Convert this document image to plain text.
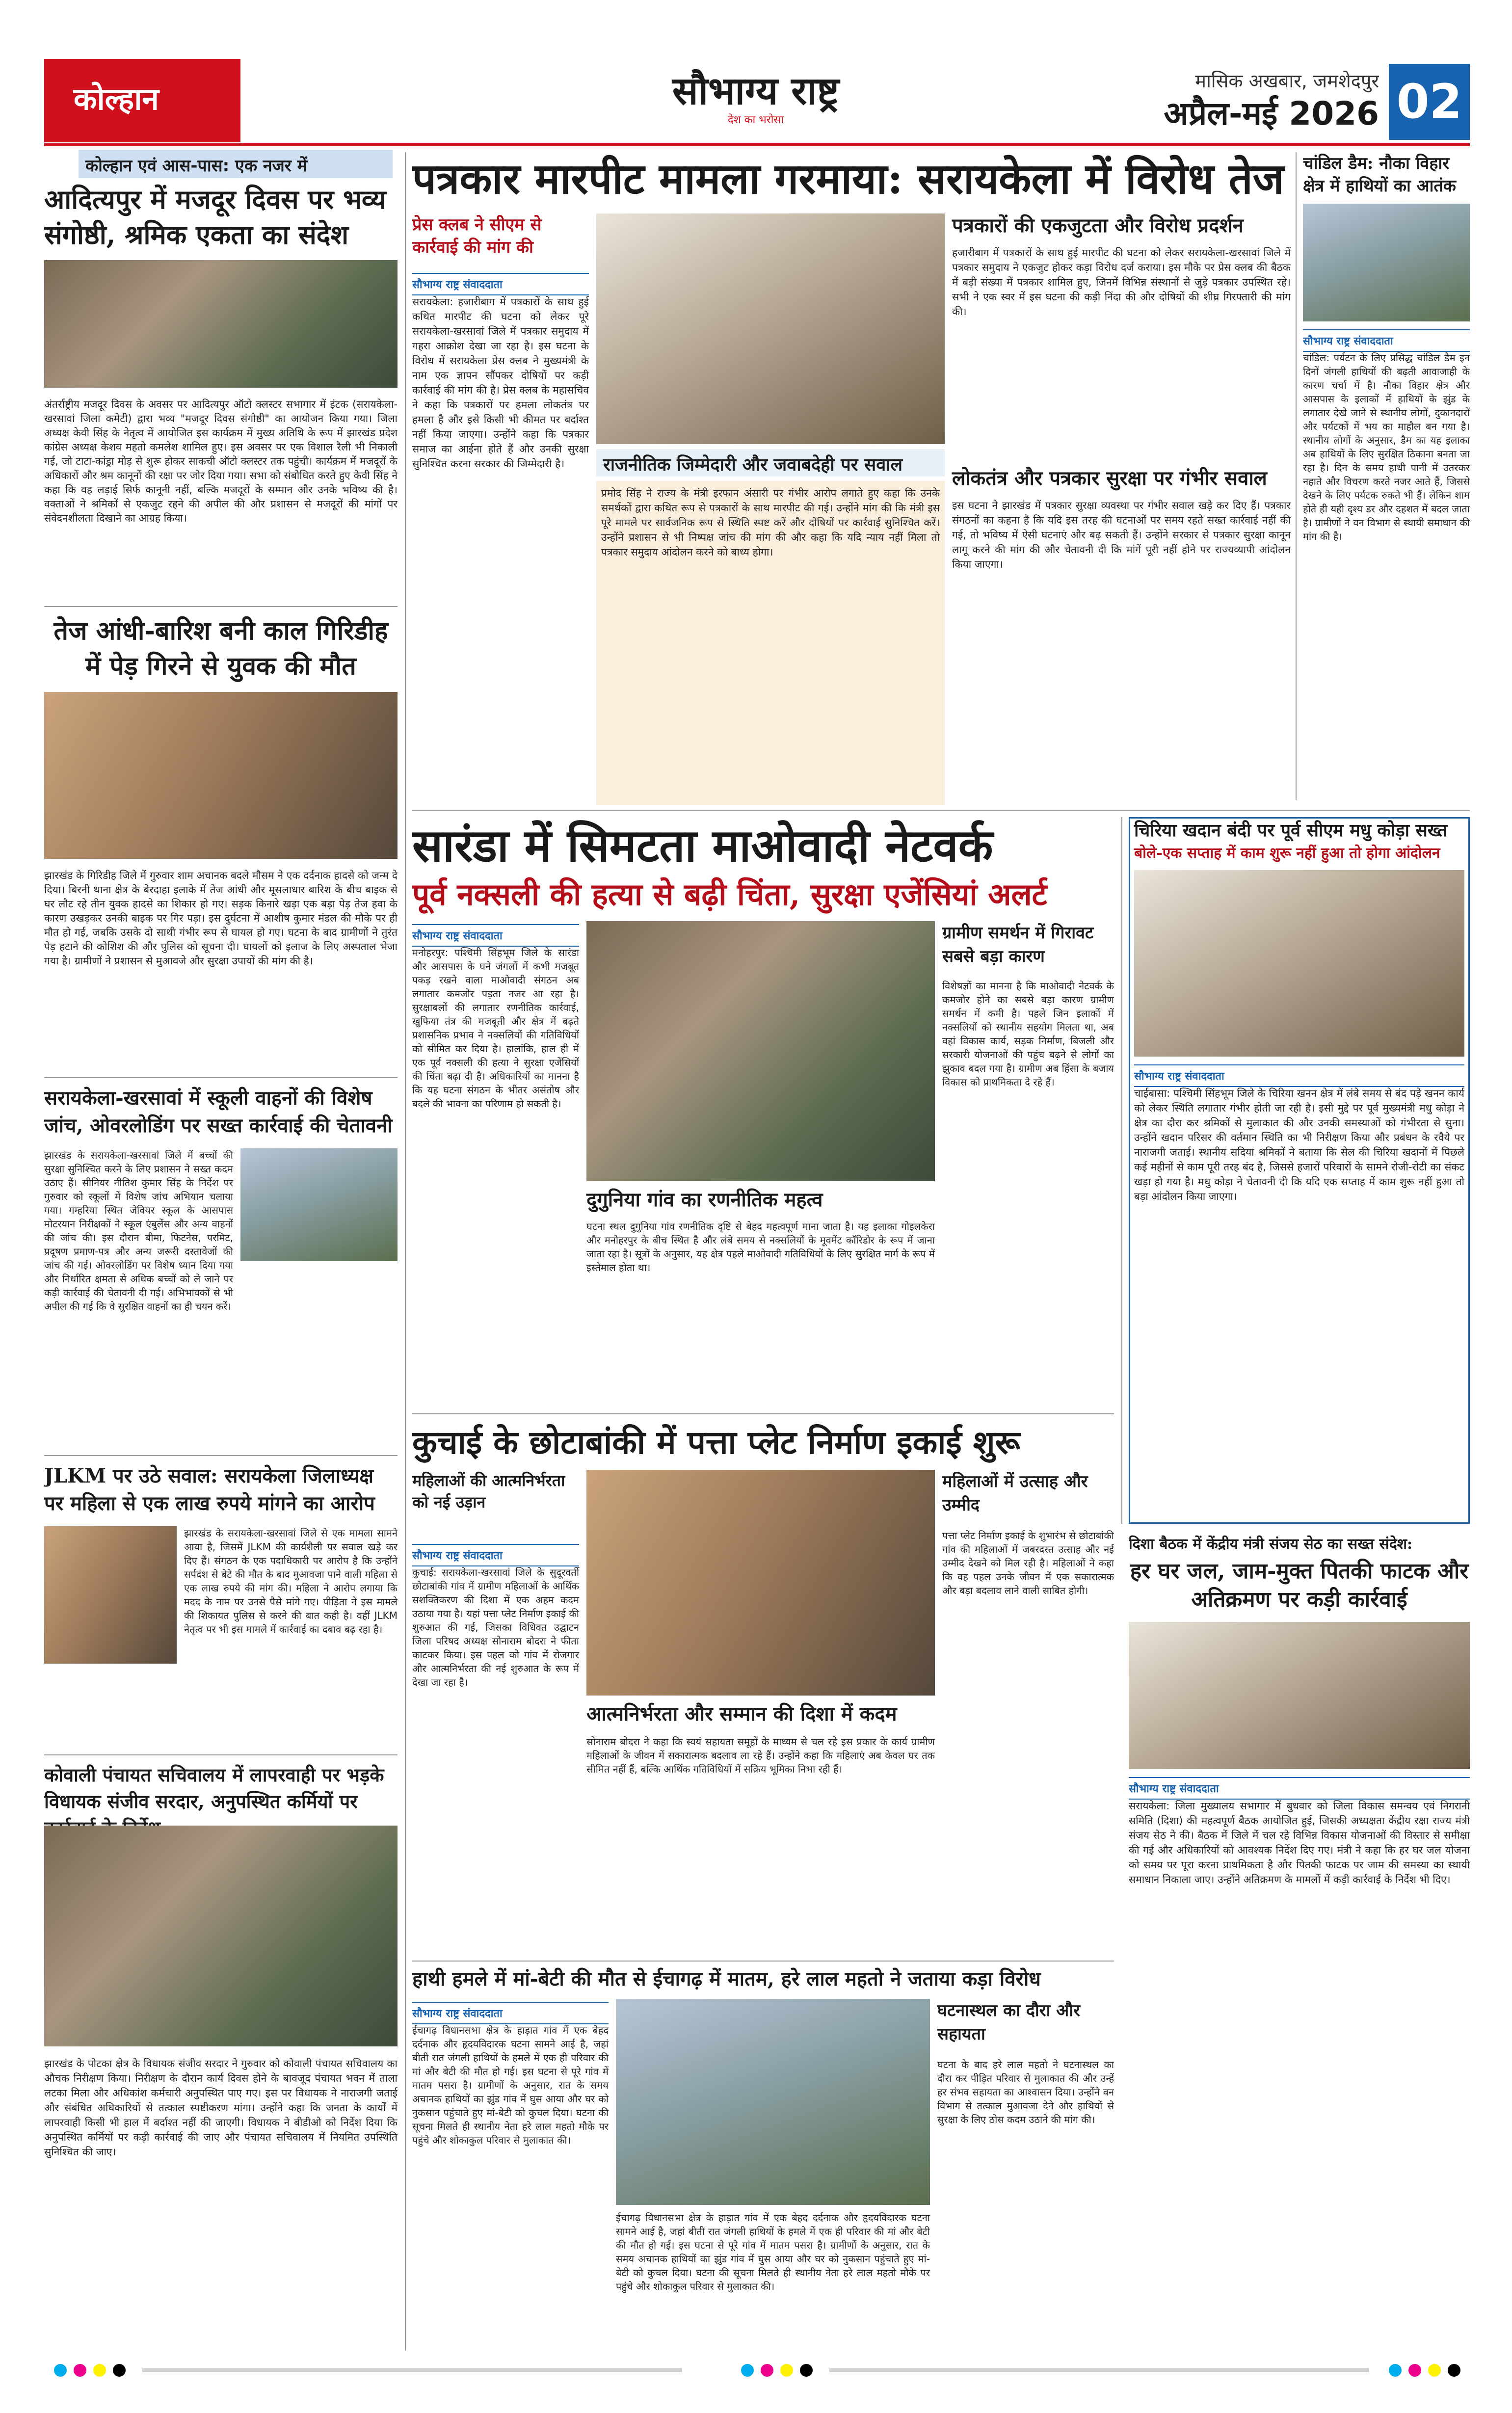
कोल्हान	सौभाग्य राष्ट्र
देश का भरोसा
मासिक अखबार, जमशेदपुर
अप्रैल-मई 2026 02
कोल्हान एवं आस-पास: एक नजर में
आदित्यपुर में मजदूर दिवस पर भव्य संगोष्ठी, श्रमिक एकता का संदेश
अंतर्राष्ट्रीय मजदूर दिवस के अवसर पर आदित्यपुर ऑटो क्लस्टर सभागार में इंटक (सरायकेला-खरसावां जिला कमेटी) द्वारा भव्य "मजदूर दिवस संगोष्ठी" का आयोजन किया गया। जिला अध्यक्ष केवी सिंह के नेतृत्व में आयोजित इस कार्यक्रम में मुख्य अतिथि के रूप में झारखंड प्रदेश कांग्रेस अध्यक्ष केशव महतो कमलेश शामिल हुए। इस अवसर पर एक विशाल रैली भी निकाली गई, जो टाटा-कांड्रा मोड़ से शुरू होकर साकची ऑटो क्लस्टर तक पहुंची। कार्यक्रम में मजदूरों के अधिकारों और श्रम कानूनों की रक्षा पर जोर दिया गया। सभा को संबोधित करते हुए केवी सिंह ने कहा कि वह लड़ाई सिर्फ कानूनी नहीं, बल्कि मजदूरों के सम्मान और उनके भविष्य की है। वक्ताओं ने श्रमिकों से एकजुट रहने की अपील की और प्रशासन से मजदूरों की मांगों पर संवेदनशीलता दिखाने का आग्रह किया।
तेज आंधी-बारिश बनी काल गिरिडीह में पेड़ गिरने से युवक की मौत
झारखंड के गिरिडीह जिले में गुरुवार शाम अचानक बदले मौसम ने एक दर्दनाक हादसे को जन्म दे दिया। बिरनी थाना क्षेत्र के बेरदाहा इलाके में तेज आंधी और मूसलाधार बारिश के बीच बाइक से घर लौट रहे तीन युवक हादसे का शिकार हो गए। सड़क किनारे खड़ा एक बड़ा पेड़ तेज हवा के कारण उखड़कर उनकी बाइक पर गिर पड़ा। इस दुर्घटना में आशीष कुमार मंडल की मौके पर ही मौत हो गई, जबकि उसके दो साथी गंभीर रूप से घायल हो गए। घटना के बाद ग्रामीणों ने तुरंत पेड़ हटाने की कोशिश की और पुलिस को सूचना दी। घायलों को इलाज के लिए अस्पताल भेजा गया है। ग्रामीणों ने प्रशासन से मुआवजे और सुरक्षा उपायों की मांग की है।
सरायकेला-खरसावां में स्कूली वाहनों की विशेष जांच, ओवरलोडिंग पर सख्त कार्रवाई की चेतावनी
झारखंड के सरायकेला-खरसावां जिले में बच्चों की सुरक्षा सुनिश्चित करने के लिए प्रशासन ने सख्त कदम उठाए हैं। सीनियर नीतिश कुमार सिंह के निर्देश पर गुरुवार को स्कूलों में विशेष जांच अभियान चलाया गया। गम्हरिया स्थित जेवियर स्कूल के आसपास मोटरयान निरीक्षकों ने स्कूल एंबुलेंस और अन्य वाहनों की जांच की। इस दौरान बीमा, फिटनेस, परमिट, प्रदूषण प्रमाण-पत्र और अन्य जरूरी दस्तावेजों की जांच की गई। ओवरलोडिंग पर विशेष ध्यान दिया गया और निर्धारित क्षमता से अधिक बच्चों को ले जाने पर कड़ी कार्रवाई की चेतावनी दी गई। अभिभावकों से भी अपील की गई कि वे सुरक्षित वाहनों का ही चयन करें।
JLKM पर उठे सवाल: सरायकेला जिलाध्यक्ष पर महिला से एक लाख रुपये मांगने का आरोप
झारखंड के सरायकेला-खरसावां जिले से एक मामला सामने आया है, जिसमें JLKM की कार्यशैली पर सवाल खड़े कर दिए हैं। संगठन के एक पदाधिकारी पर आरोप है कि उन्होंने सर्पदंश से बेटे की मौत के बाद मुआवजा पाने वाली महिला से एक लाख रुपये की मांग की। महिला ने आरोप लगाया कि मदद के नाम पर उनसे पैसे मांगे गए। पीड़िता ने इस मामले की शिकायत पुलिस से करने की बात कही है। वहीं JLKM नेतृत्व पर भी इस मामले में कार्रवाई का दबाव बढ़ रहा है।
कोवाली पंचायत सचिवालय में लापरवाही पर भड़के विधायक संजीव सरदार, अनुपस्थित कर्मियों पर
झारखंड के पोटका क्षेत्र के विधायक संजीव सरदार ने गुरुवार को कोवाली पंचायत सचिवालय का औचक निरीक्षण किया। निरीक्षण के दौरान कार्य दिवस होने के बावजूद पंचायत भवन में ताला लटका मिला और अधिकांश कर्मचारी अनुपस्थित पाए गए। इस पर विधायक ने नाराजगी जताई और संबंधित अधिकारियों से तत्काल स्पष्टीकरण मांगा। उन्होंने कहा कि जनता के कार्यों में लापरवाही किसी भी हाल में बर्दाश्त नहीं की जाएगी। विधायक ने बीडीओ को निर्देश दिया कि अनुपस्थित कर्मियों पर कड़ी कार्रवाई की जाए और पंचायत सचिवालय में नियमित उपस्थिति सुनिश्चित की जाए।
पत्रकार मारपीट मामला गरमाया: सरायकेला में विरोध तेज
प्रेस क्लब ने सीएम से कार्रवाई की मांग की
सौभाग्य राष्ट्र संवाददाता
सरायकेला: हजारीबाग में पत्रकारों के साथ हुई कथित मारपीट की घटना को लेकर पूरे सरायकेला-खरसावां जिले में पत्रकार समुदाय में गहरा आक्रोश देखा जा रहा है। इस घटना के विरोध में सरायकेला प्रेस क्लब ने मुख्यमंत्री के नाम एक ज्ञापन सौंपकर दोषियों पर कड़ी कार्रवाई की मांग की है। प्रेस क्लब के महासचिव ने कहा कि पत्रकारों पर हमला लोकतंत्र पर हमला है और इसे किसी भी कीमत पर बर्दाश्त नहीं किया जाएगा। उन्होंने कहा कि पत्रकार समाज का आईना होते हैं और उनकी सुरक्षा सुनिश्चित करना सरकार की जिम्मेदारी है।	राजनीतिक जिम्मेदारी और जवाबदेही पर सवाल
प्रमोद सिंह ने राज्य के मंत्री इरफान अंसारी पर गंभीर आरोप लगाते हुए कहा कि उनके समर्थकों द्वारा कथित रूप से पत्रकारों के साथ मारपीट की गई। उन्होंने मांग की कि मंत्री इस पूरे मामले पर सार्वजनिक रूप से स्थिति स्पष्ट करें और दोषियों पर कार्रवाई सुनिश्चित करें। उन्होंने प्रशासन से भी निष्पक्ष जांच की मांग की और कहा कि यदि न्याय नहीं मिला तो पत्रकार समुदाय आंदोलन करने को बाध्य होगा।
पत्रकारों की एकजुटता और विरोध प्रदर्शन
हजारीबाग में पत्रकारों के साथ हुई मारपीट की घटना को लेकर सरायकेला-खरसावां जिले में पत्रकार समुदाय ने एकजुट होकर कड़ा विरोध दर्ज कराया। इस मौके पर प्रेस क्लब की बैठक में बड़ी संख्या में पत्रकार शामिल हुए, जिनमें विभिन्न संस्थानों से जुड़े पत्रकार उपस्थित रहे। सभी ने एक स्वर में इस घटना की कड़ी निंदा की और दोषियों की शीघ्र गिरफ्तारी की मांग की।
लोकतंत्र और पत्रकार सुरक्षा पर गंभीर सवाल
इस घटना ने झारखंड में पत्रकार सुरक्षा व्यवस्था पर गंभीर सवाल खड़े कर दिए हैं। पत्रकार संगठनों का कहना है कि यदि इस तरह की घटनाओं पर समय रहते सख्त कार्रवाई नहीं की गई, तो भविष्य में ऐसी घटनाएं और बढ़ सकती हैं। उन्होंने सरकार से पत्रकार सुरक्षा कानून लागू करने की मांग की और चेतावनी दी कि मांगें पूरी नहीं होने पर राज्यव्यापी आंदोलन किया जाएगा।
चांडिल डैम: नौका विहार क्षेत्र में हाथियों का आतंक
सौभाग्य राष्ट्र संवाददाता
चांडिल: पर्यटन के लिए प्रसिद्ध चांडिल डैम इन दिनों जंगली हाथियों की बढ़ती आवाजाही के कारण चर्चा में है। नौका विहार क्षेत्र और आसपास के इलाकों में हाथियों के झुंड के लगातार देखे जाने से स्थानीय लोगों, दुकानदारों और पर्यटकों में भय का माहौल बन गया है। स्थानीय लोगों के अनुसार, डैम का यह इलाका अब हाथियों के लिए सुरक्षित ठिकाना बनता जा रहा है। दिन के समय हाथी पानी में उतरकर नहाते और विचरण करते नजर आते हैं, जिससे देखने के लिए पर्यटक रुकते भी हैं। लेकिन शाम होते ही यही दृश्य डर और दहशत में बदल जाता है। ग्रामीणों ने वन विभाग से स्थायी समाधान की मांग की है।
सारंडा में सिमटता माओवादी नेटवर्क
पूर्व नक्सली की हत्या से बढ़ी चिंता, सुरक्षा एजेंसियां अलर्ट
सौभाग्य राष्ट्र संवाददाता
मनोहरपुर: पश्चिमी सिंहभूम जिले के सारंडा और आसपास के घने जंगलों में कभी मजबूत पकड़ रखने वाला माओवादी संगठन अब लगातार कमजोर पड़ता नजर आ रहा है। सुरक्षाबलों की लगातार रणनीतिक कार्रवाई, खुफिया तंत्र की मजबूती और क्षेत्र में बढ़ते प्रशासनिक प्रभाव ने नक्सलियों की गतिविधियों को सीमित कर दिया है। हालांकि, हाल ही में एक पूर्व नक्सली की हत्या ने सुरक्षा एजेंसियों की चिंता बढ़ा दी है। अधिकारियों का मानना है कि यह घटना संगठन के भीतर असंतोष और बदले की भावना का परिणाम हो सकती है।
दुगुनिया गांव का रणनीतिक महत्व
घटना स्थल दुगुनिया गांव रणनीतिक दृष्टि से बेहद महत्वपूर्ण माना जाता है। यह इलाका गोइलकेरा और मनोहरपुर के बीच स्थित है और लंबे समय से नक्सलियों के मूवमेंट कॉरिडोर के रूप में जाना जाता रहा है। सूत्रों के अनुसार, यह क्षेत्र पहले माओवादी गतिविधियों के लिए सुरक्षित मार्ग के रूप में इस्तेमाल होता था।
ग्रामीण समर्थन में गिरावट सबसे बड़ा कारण
विशेषज्ञों का मानना है कि माओवादी नेटवर्क के कमजोर होने का सबसे बड़ा कारण ग्रामीण समर्थन में कमी है। पहले जिन इलाकों में नक्सलियों को स्थानीय सहयोग मिलता था, अब वहां विकास कार्य, सड़क निर्माण, बिजली और सरकारी योजनाओं की पहुंच बढ़ने से लोगों का झुकाव बदल गया है। ग्रामीण अब हिंसा के बजाय विकास को प्राथमिकता दे रहे हैं।
चिरिया खदान बंदी पर पूर्व सीएम मधु कोड़ा सख्त
बोले-एक सप्ताह में काम शुरू नहीं हुआ तो होगा आंदोलन
सौभाग्य राष्ट्र संवाददाता
चाईबासा: पश्चिमी सिंहभूम जिले के चिरिया खनन क्षेत्र में लंबे समय से बंद पड़े खनन कार्य को लेकर स्थिति लगातार गंभीर होती जा रही है। इसी मुद्दे पर पूर्व मुख्यमंत्री मधु कोड़ा ने क्षेत्र का दौरा कर श्रमिकों से मुलाकात की और उनकी समस्याओं को गंभीरता से सुना। उन्होंने खदान परिसर की वर्तमान स्थिति का भी निरीक्षण किया और प्रबंधन के रवैये पर नाराजगी जताई। स्थानीय सदिया श्रमिकों ने बताया कि सेल की चिरिया खदानों में पिछले कई महीनों से काम पूरी तरह बंद है, जिससे हजारों परिवारों के सामने रोजी-रोटी का संकट खड़ा हो गया है। मधु कोड़ा ने चेतावनी दी कि यदि एक सप्ताह में काम शुरू नहीं हुआ तो बड़ा आंदोलन किया जाएगा।
कुचाई के छोटाबांकी में पत्ता प्लेट निर्माण इकाई शुरू
महिलाओं की आत्मनिर्भरता को नई उड़ान
सौभाग्य राष्ट्र संवाददाता
कुचाई: सरायकेला-खरसावां जिले के सुदूरवर्ती छोटाबांकी गांव में ग्रामीण महिलाओं के आर्थिक सशक्तिकरण की दिशा में एक अहम कदम उठाया गया है। यहां पत्ता प्लेट निर्माण इकाई की शुरुआत की गई, जिसका विधिवत उद्घाटन जिला परिषद अध्यक्ष सोनाराम बोदरा ने फीता काटकर किया। इस पहल को गांव में रोजगार और आत्मनिर्भरता की नई शुरुआत के रूप में देखा जा रहा है।
आत्मनिर्भरता और सम्मान की दिशा में कदम
सोनाराम बोदरा ने कहा कि स्वयं सहायता समूहों के माध्यम से चल रहे इस प्रकार के कार्य ग्रामीण महिलाओं के जीवन में सकारात्मक बदलाव ला रहे हैं। उन्होंने कहा कि महिलाएं अब केवल घर तक सीमित नहीं हैं, बल्कि आर्थिक गतिविधियों में सक्रिय भूमिका निभा रही हैं।
महिलाओं में उत्साह और उम्मीद
पत्ता प्लेट निर्माण इकाई के शुभारंभ से छोटाबांकी गांव की महिलाओं में जबरदस्त उत्साह और नई उम्मीद देखने को मिल रही है। महिलाओं ने कहा कि वह पहल उनके जीवन में एक सकारात्मक और बड़ा बदलाव लाने वाली साबित होगी।
दिशा बैठक में केंद्रीय मंत्री संजय सेठ का सख्त संदेश:
हर घर जल, जाम-मुक्त पितकी फाटक और अतिक्रमण पर कड़ी कार्रवाई
सौभाग्य राष्ट्र संवाददाता
सरायकेला: जिला मुख्यालय सभागार में बुधवार को जिला विकास समन्वय एवं निगरानी समिति (दिशा) की महत्वपूर्ण बैठक आयोजित हुई, जिसकी अध्यक्षता केंद्रीय रक्षा राज्य मंत्री संजय सेठ ने की। बैठक में जिले में चल रहे विभिन्न विकास योजनाओं की विस्तार से समीक्षा की गई और अधिकारियों को आवश्यक निर्देश दिए गए। मंत्री ने कहा कि हर घर जल योजना को समय पर पूरा करना प्राथमिकता है और पितकी फाटक पर जाम की समस्या का स्थायी समाधान निकाला जाए। उन्होंने अतिक्रमण के मामलों में कड़ी कार्रवाई के निर्देश भी दिए।
हाथी हमले में मां-बेटी की मौत से ईचागढ़ में मातम, हरे लाल महतो ने जताया कड़ा विरोध
सौभाग्य राष्ट्र संवाददाता
ईचागढ़ विधानसभा क्षेत्र के हाड़ात गांव में एक बेहद दर्दनाक और हृदयविदारक घटना सामने आई है, जहां बीती रात जंगली हाथियों के हमले में एक ही परिवार की मां और बेटी की मौत हो गई। इस घटना से पूरे गांव में मातम पसरा है। ग्रामीणों के अनुसार, रात के समय अचानक हाथियों का झुंड गांव में घुस आया और घर को नुकसान पहुंचाते हुए मां-बेटी को कुचल दिया। घटना की सूचना मिलते ही स्थानीय नेता हरे लाल महतो मौके पर पहुंचे और शोकाकुल परिवार से मुलाकात की।
ईचागढ़ विधानसभा क्षेत्र के हाड़ात गांव में एक बेहद दर्दनाक और हृदयविदारक घटना सामने आई है, जहां बीती रात जंगली हाथियों के हमले में एक ही परिवार की मां और बेटी की मौत हो गई। इस घटना से पूरे गांव में मातम पसरा है। ग्रामीणों के अनुसार, रात के समय अचानक हाथियों का झुंड गांव में घुस आया और घर को नुकसान पहुंचाते हुए मां-बेटी को कुचल दिया। घटना की सूचना मिलते ही स्थानीय नेता हरे लाल महतो मौके पर पहुंचे और शोकाकुल परिवार से मुलाकात की।
घटनास्थल का दौरा और सहायता
घटना के बाद हरे लाल महतो ने घटनास्थल का दौरा कर पीड़ित परिवार से मुलाकात की और उन्हें हर संभव सहायता का आश्वासन दिया। उन्होंने वन विभाग से तत्काल मुआवजा देने और हाथियों से सुरक्षा के लिए ठोस कदम उठाने की मांग की।
